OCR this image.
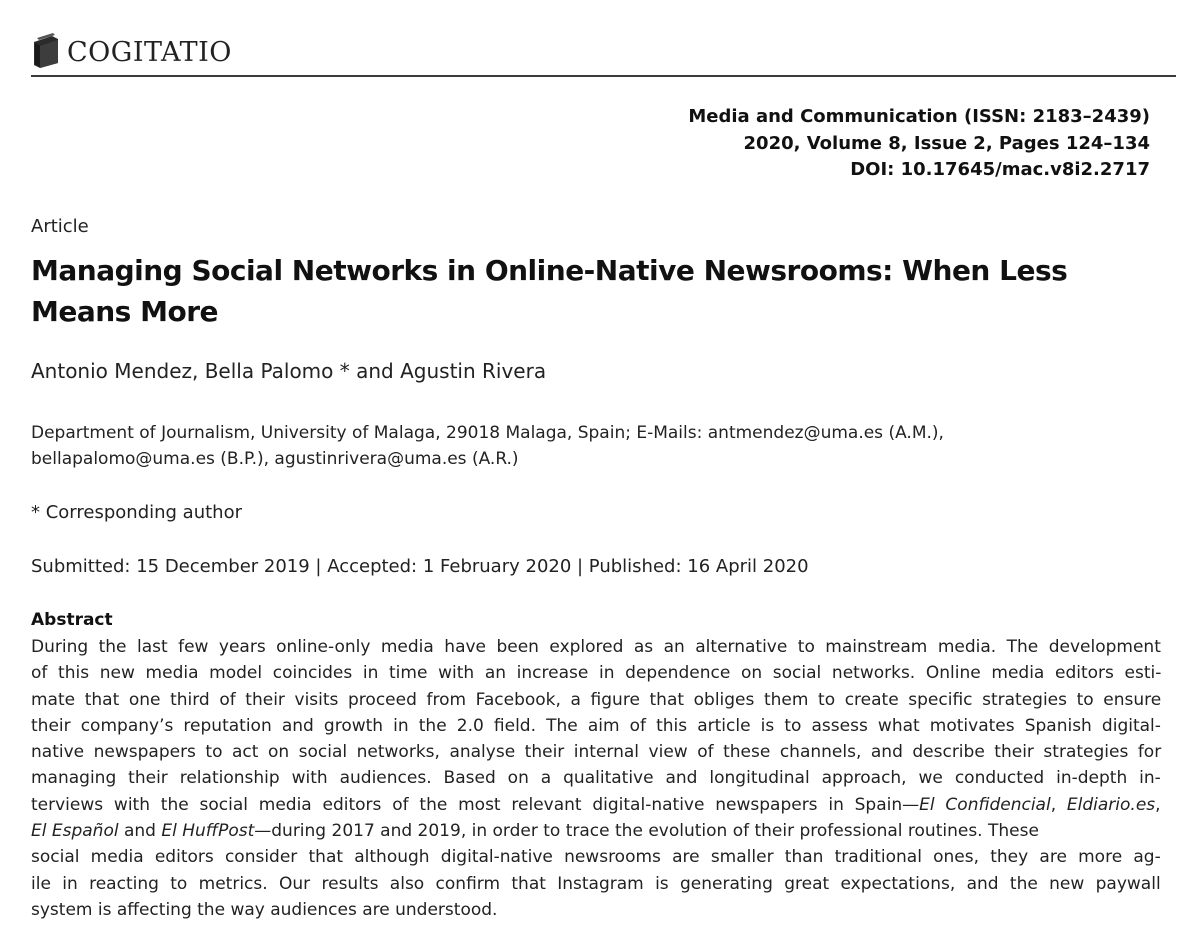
COGITATIO
Media and Communication (ISSN: 2183–2439)
2020, Volume 8, Issue 2, Pages 124–134
DOI: 10.17645/mac.v8i2.2717
Article
Managing Social Networks in Online-Native Newsrooms: When Less Means More
Antonio Mendez, Bella Palomo * and Agustin Rivera
Department of Journalism, University of Malaga, 29018 Malaga, Spain; E-Mails: antmendez@uma.es (A.M.),
bellapalomo@uma.es (B.P.), agustinrivera@uma.es (A.R.)
* Corresponding author
Submitted: 15 December 2019 | Accepted: 1 February 2020 | Published: 16 April 2020
Abstract
During the last few years online-only media have been explored as an alternative to mainstream media. The development
of this new media model coincides in time with an increase in dependence on social networks. Online media editors esti-
mate that one third of their visits proceed from Facebook, a figure that obliges them to create specific strategies to ensure
their company’s reputation and growth in the 2.0 field. The aim of this article is to assess what motivates Spanish digital-
native newspapers to act on social networks, analyse their internal view of these channels, and describe their strategies for
managing their relationship with audiences. Based on a qualitative and longitudinal approach, we conducted in-depth in-
terviews with the social media editors of the most relevant digital-native newspapers in Spain—El Confidencial, Eldiario.es,
El Español and El HuffPost—during 2017 and 2019, in order to trace the evolution of their professional routines. These
social media editors consider that although digital-native newsrooms are smaller than traditional ones, they are more ag-
ile in reacting to metrics. Our results also confirm that Instagram is generating great expectations, and the new paywall
system is affecting the way audiences are understood.
